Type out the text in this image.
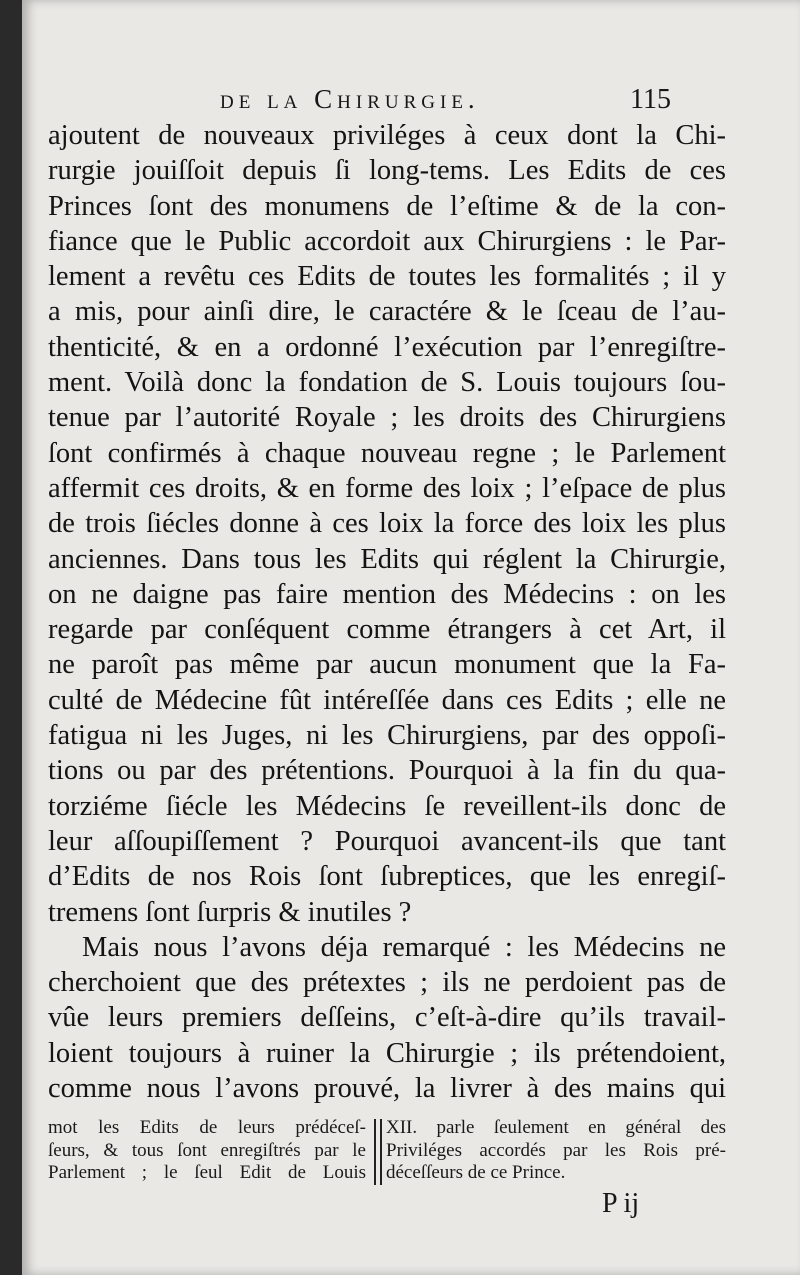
de la Chirurgie.	115
ajoutent de nouveaux priviléges à ceux dont la Chi-
rurgie jouiſſoit depuis ſi long-tems. Les Edits de ces
Princes ſont des monumens de l’eſtime & de la con-
fiance que le Public accordoit aux Chirurgiens : le Par-
lement a revêtu ces Edits de toutes les formalités ; il y
a mis, pour ainſi dire, le caractére & le ſceau de l’au-
thenticité, & en a ordonné l’exécution par l’enregiſtre-
ment. Voilà donc la fondation de S. Louis toujours ſou-
tenue par l’autorité Royale ; les droits des Chirurgiens
ſont confirmés à chaque nouveau regne ; le Parlement
affermit ces droits, & en forme des loix ; l’eſpace de plus
de trois ſiécles donne à ces loix la force des loix les plus
anciennes. Dans tous les Edits qui réglent la Chirurgie,
on ne daigne pas faire mention des Médecins : on les
regarde par conſéquent comme étrangers à cet Art, il
ne paroît pas même par aucun monument que la Fa-
culté de Médecine fût intéreſſée dans ces Edits ; elle ne
fatigua ni les Juges, ni les Chirurgiens, par des oppoſi-
tions ou par des prétentions. Pourquoi à la fin du qua-
torziéme ſiécle les Médecins ſe reveillent-ils donc de
leur aſſoupiſſement ? Pourquoi avancent-ils que tant
d’Edits de nos Rois ſont ſubreptices, que les enregiſ-
tremens ſont ſurpris & inutiles ?
Mais nous l’avons déja remarqué : les Médecins ne
cherchoient que des prétextes ; ils ne perdoient pas de
vûe leurs premiers deſſeins, c’eſt-à-dire qu’ils travail-
loient toujours à ruiner la Chirurgie ; ils prétendoient,
comme nous l’avons prouvé, la livrer à des mains qui
mot les Edits de leurs prédéceſ-
ſeurs, & tous ſont enregiſtrés par le
Parlement ; le ſeul Edit de Louis
XII. parle ſeulement en général des
Priviléges accordés par les Rois pré-
déceſſeurs de ce Prince.
P ij
